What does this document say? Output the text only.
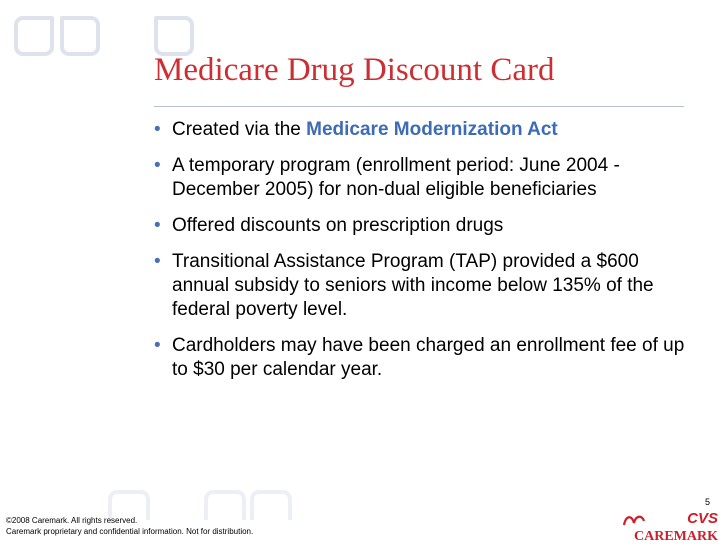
Medicare Drug Discount Card
• Created via the Medicare Modernization Act
• A temporary program (enrollment period: June 2004 - December 2005) for non-dual eligible beneficiaries
• Offered discounts on prescription drugs
• Transitional Assistance Program (TAP) provided a $600 annual subsidy to seniors with income below 135% of the federal poverty level.
• Cardholders may have been charged an enrollment fee of up to $30 per calendar year.
5
©2008 Caremark. All rights reserved.
Caremark proprietary and confidential information. Not for distribution.
CVS
CAREMARK
